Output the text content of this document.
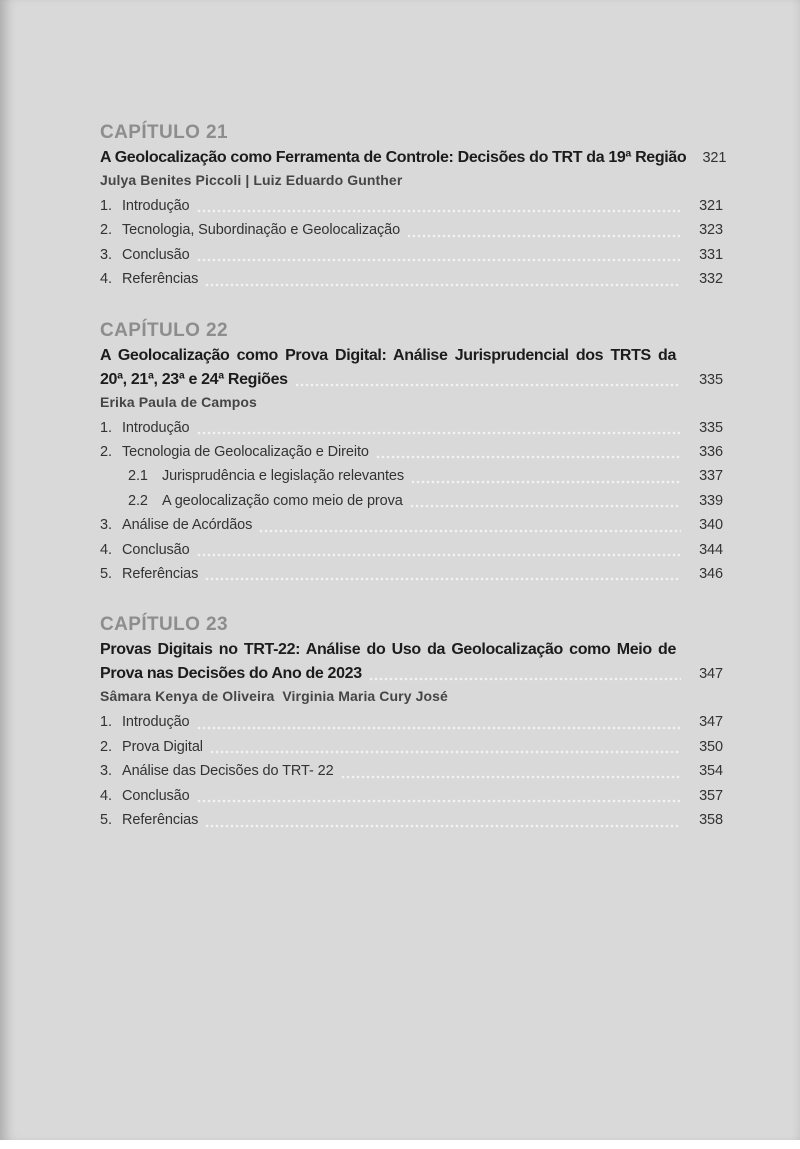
CAPÍTULO 21
A Geolocalização como Ferramenta de Controle: Decisões do TRT da 19ª Região	321

Julya Benites Piccoli | Luiz Eduardo Gunther

1. Introdução	321
2. Tecnologia, Subordinação e Geolocalização	323
3. Conclusão	331
4. Referências	332
CAPÍTULO 22
A Geolocalização como Prova Digital: Análise Jurisprudencial dos TRTS da
20ª, 21ª, 23ª e 24ª Regiões	335

Erika Paula de Campos

1. Introdução	335
2. Tecnologia de Geolocalização e Direito	336
2.1 Jurisprudência e legislação relevantes	337
2.2 A geolocalização como meio de prova	339
3. Análise de Acórdãos	340
4. Conclusão	344
5. Referências	346
CAPÍTULO 23
Provas Digitais no TRT-22: Análise do Uso da Geolocalização como Meio de
Prova nas Decisões do Ano de 2023	347

Sâmara Kenya de Oliveira  Virginia Maria Cury José

1. Introdução	347
2. Prova Digital	350
3. Análise das Decisões do TRT- 22	354
4. Conclusão	357
5. Referências	358
